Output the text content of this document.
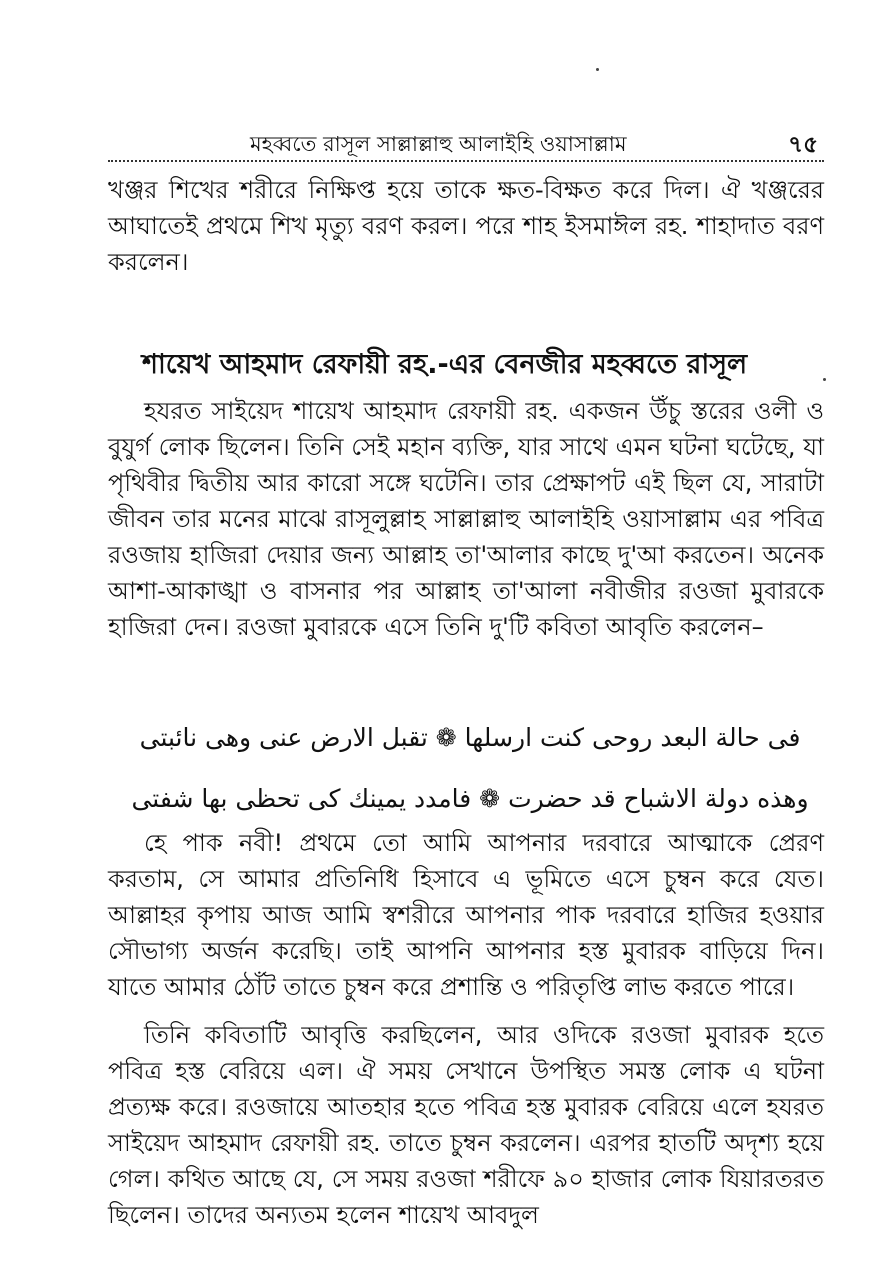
মহব্বতে রাসূল সাল্লাল্লাহু আলাইহি ওয়াসাল্লাম	৭৫

খঞ্জর শিখের শরীরে নিক্ষিপ্ত হয়ে তাকে ক্ষত-বিক্ষত করে দিল। ঐ খঞ্জরের আঘাতেই প্রথমে শিখ মৃত্যু বরণ করল। পরে শাহ ইসমাঈল রহ. শাহাদাত বরণ করলেন।

শায়েখ আহমাদ রেফায়ী রহ.-এর বেনজীর মহব্বতে রাসূল

হযরত সাইয়েদ শায়েখ আহমাদ রেফায়ী রহ. একজন উঁচু স্তরের ওলী ও বুযুর্গ লোক ছিলেন। তিনি সেই মহান ব্যক্তি, যার সাথে এমন ঘটনা ঘটেছে, যা পৃথিবীর দ্বিতীয় আর কারো সঙ্গে ঘটেনি। তার প্রেক্ষাপট এই ছিল যে, সারাটা জীবন তার মনের মাঝে রাসূলুল্লাহ সাল্লাল্লাহু আলাইহি ওয়াসাল্লাম এর পবিত্র রওজায় হাজিরা দেয়ার জন্য আল্লাহ তা'আলার কাছে দু'আ করতেন। অনেক আশা-আকাঙ্খা ও বাসনার পর আল্লাহ তা'আলা নবীজীর রওজা মুবারকে হাজিরা দেন। রওজা মুবারকে এসে তিনি দু'টি কবিতা আবৃতি করলেন–

فی حالة البعد روحی کنت ارسلها ❁ تقبل الارض عنی وهی نائبتی
وهذه دولة الاشباح قد حضرت ❁ فامدد یمینك کی تحظی بها شفتی

হে পাক নবী! প্রথমে তো আমি আপনার দরবারে আত্মাকে প্রেরণ করতাম, সে আমার প্রতিনিধি হিসাবে এ ভূমিতে এসে চুম্বন করে যেত। আল্লাহর কৃপায় আজ আমি স্বশরীরে আপনার পাক দরবারে হাজির হওয়ার সৌভাগ্য অর্জন করেছি। তাই আপনি আপনার হস্ত মুবারক বাড়িয়ে দিন। যাতে আমার ঠোঁট তাতে চুম্বন করে প্রশান্তি ও পরিতৃপ্তি লাভ করতে পারে।

তিনি কবিতাটি আবৃত্তি করছিলেন, আর ওদিকে রওজা মুবারক হতে পবিত্র হস্ত বেরিয়ে এল। ঐ সময় সেখানে উপস্থিত সমস্ত লোক এ ঘটনা প্রত্যক্ষ করে। রওজায়ে আতহার হতে পবিত্র হস্ত মুবারক বেরিয়ে এলে হযরত সাইয়েদ আহমাদ রেফায়ী রহ. তাতে চুম্বন করলেন। এরপর হাতটি অদৃশ্য হয়ে গেল। কথিত আছে যে, সে সময় রওজা শরীফে ৯০ হাজার লোক যিয়ারতরত ছিলেন। তাদের অন্যতম হলেন শায়েখ আবদুল
